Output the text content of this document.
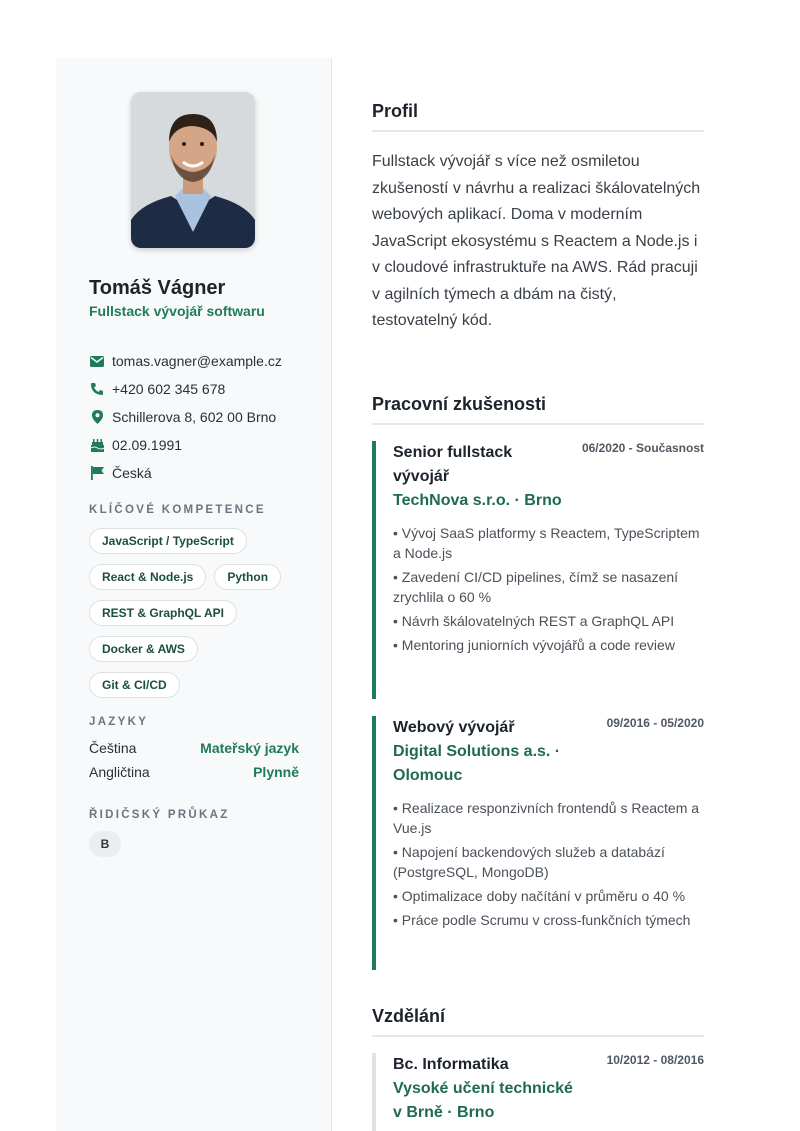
Tomáš Vágner
Fullstack vývojář softwaru
tomas.vagner@example.cz
+420 602 345 678
Schillerova 8, 602 00 Brno
02.09.1991
Česká
KLÍČOVÉ KOMPETENCE
JavaScript / TypeScript
React & Node.js	Python
REST & GraphQL API
Docker & AWS
Git & CI/CD
JAZYKY
Čeština	Mateřský jazyk
Angličtina	Plynně
ŘIDIČSKÝ PRŮKAZ
B
Profil

Fullstack vývojář s více než osmiletou zkušeností v návrhu a realizaci škálovatelných webových aplikací. Doma v moderním JavaScript ekosystému s Reactem a Node.js i v cloudové infrastruktuře na AWS. Rád pracuji v agilních týmech a dbám na čistý, testovatelný kód.

Pracovní zkušenosti
Senior fullstack vývojář
06/2020 - Současnost
TechNova s.r.o. · Brno
• Vývoj SaaS platformy s Reactem, TypeScriptem a Node.js
• Zavedení CI/CD pipelines, čímž se nasazení zrychlila o 60 %
• Návrh škálovatelných REST a GraphQL API
• Mentoring juniorních vývojářů a code review
Webový vývojář	09/2016 - 05/2020
Digital Solutions a.s. · Olomouc
• Realizace responzivních frontendů s Reactem a Vue.js
• Napojení backendových služeb a databází (PostgreSQL, MongoDB)
• Optimalizace doby načítání v průměru o 40 %
• Práce podle Scrumu v cross-funkčních týmech
Vzdělání
Bc. Informatika	10/2012 - 08/2016
Vysoké učení technické v Brně · Brno
